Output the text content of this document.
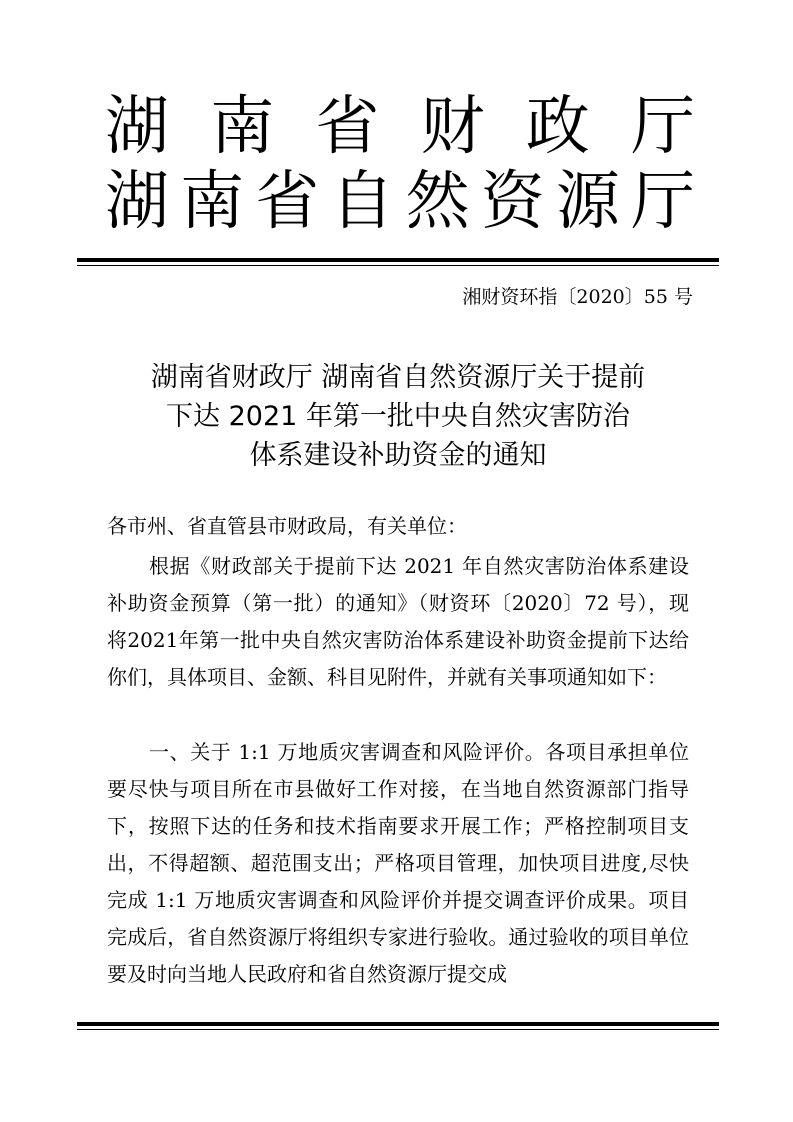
湖南省财政厅
湖南省自然资源厅
湘财资环指〔2020〕55 号
湖南省财政厅 湖南省自然资源厅关于提前
下达 2021 年第一批中央自然灾害防治
体系建设补助资金的通知
各市州、省直管县市财政局，有关单位：

根据《财政部关于提前下达 2021 年自然灾害防治体系建设补助资金预算（第一批）的通知》（财资环〔2020〕72 号），现将2021年第一批中央自然灾害防治体系建设补助资金提前下达给你们，具体项目、金额、科目见附件，并就有关事项通知如下：

一、关于 1:1 万地质灾害调查和风险评价。各项目承担单位要尽快与项目所在市县做好工作对接，在当地自然资源部门指导下，按照下达的任务和技术指南要求开展工作；严格控制项目支出，不得超额、超范围支出；严格项目管理，加快项目进度,尽快完成 1:1 万地质灾害调查和风险评价并提交调查评价成果。项目完成后，省自然资源厅将组织专家进行验收。通过验收的项目单位要及时向当地人民政府和省自然资源厅提交成
